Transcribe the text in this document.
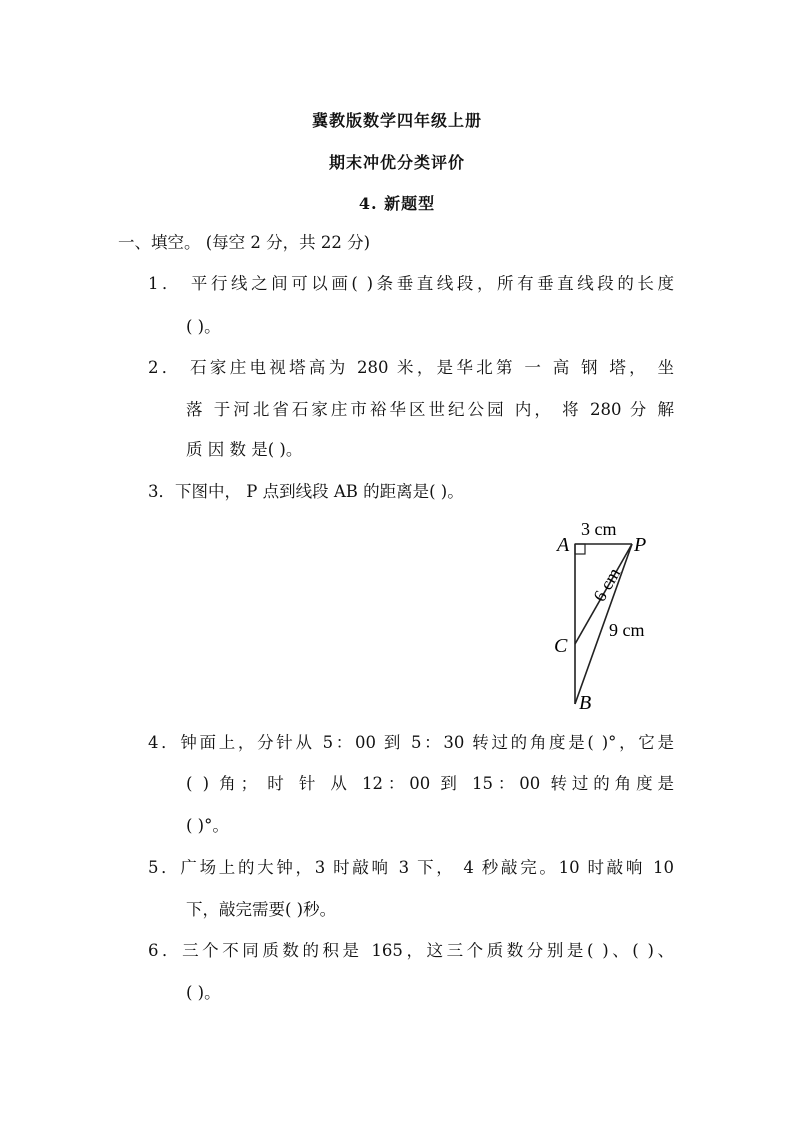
冀教版数学四年级上册
期末冲优分类评价
4. 新题型
一、填空。 (每空 2 分，共 22 分)
1． 平行线之间可以画( )条垂直线段，所有垂直线段的长度
( )。
2． 石家庄电视塔高为 280 米，是华北第 一 高 钢 塔， 坐
落 于河北省石家庄市裕华区世纪公园 内， 将 280 分 解
质 因 数 是( )。
3．下图中， P 点到线段 AB 的距离是( )。
A	P
C
B
3 cm
6 cm
9 cm
4．钟面上，分针从 5：00 到 5：30 转过的角度是( )°，它是
( ) 角； 时 针 从 12：00 到 15：00 转过的角度是
( )°。
5．广场上的大钟，3 时敲响 3 下， 4 秒敲完。10 时敲响 10
下，敲完需要( )秒。
6．三个不同质数的积是 165，这三个质数分别是( )、( )、
( )。
